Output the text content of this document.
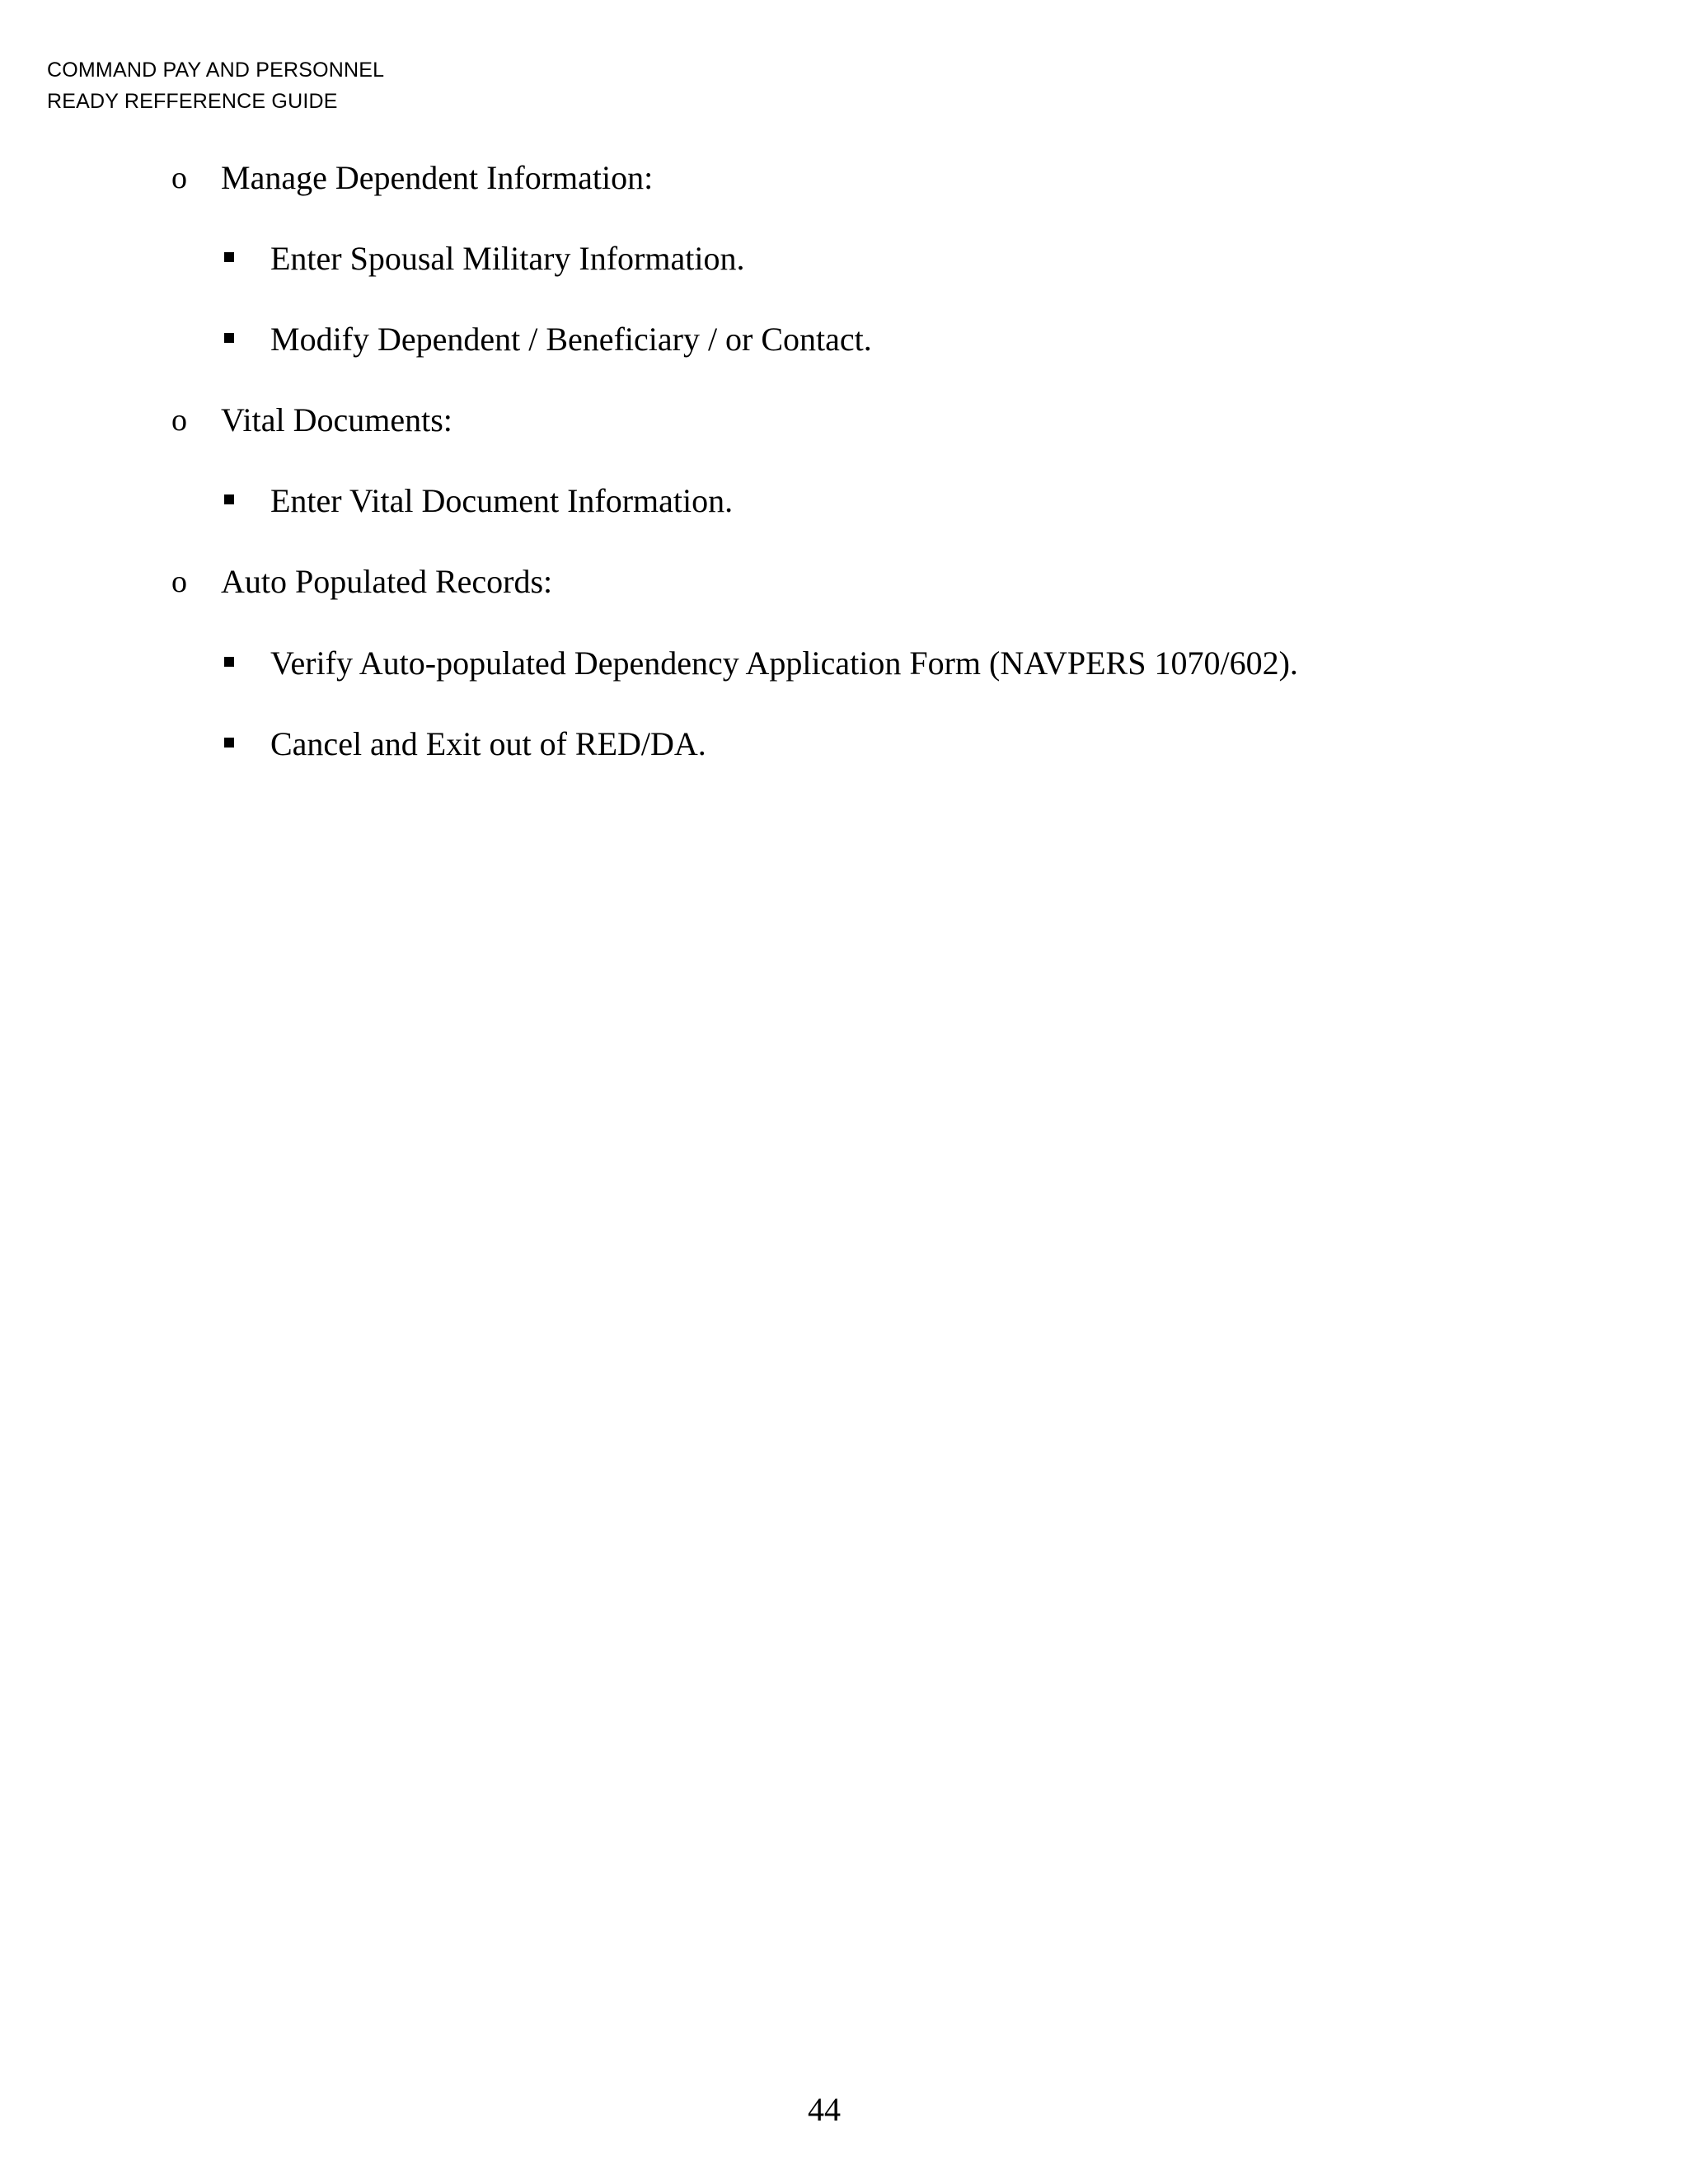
COMMAND PAY AND PERSONNEL
READY REFFERENCE GUIDE
o Manage Dependent Information:
Enter Spousal Military Information.
Modify Dependent / Beneficiary / or Contact.
o Vital Documents:
Enter Vital Document Information.
o Auto Populated Records:
Verify Auto-populated Dependency Application Form (NAVPERS 1070/602).
Cancel and Exit out of RED/DA.
44
